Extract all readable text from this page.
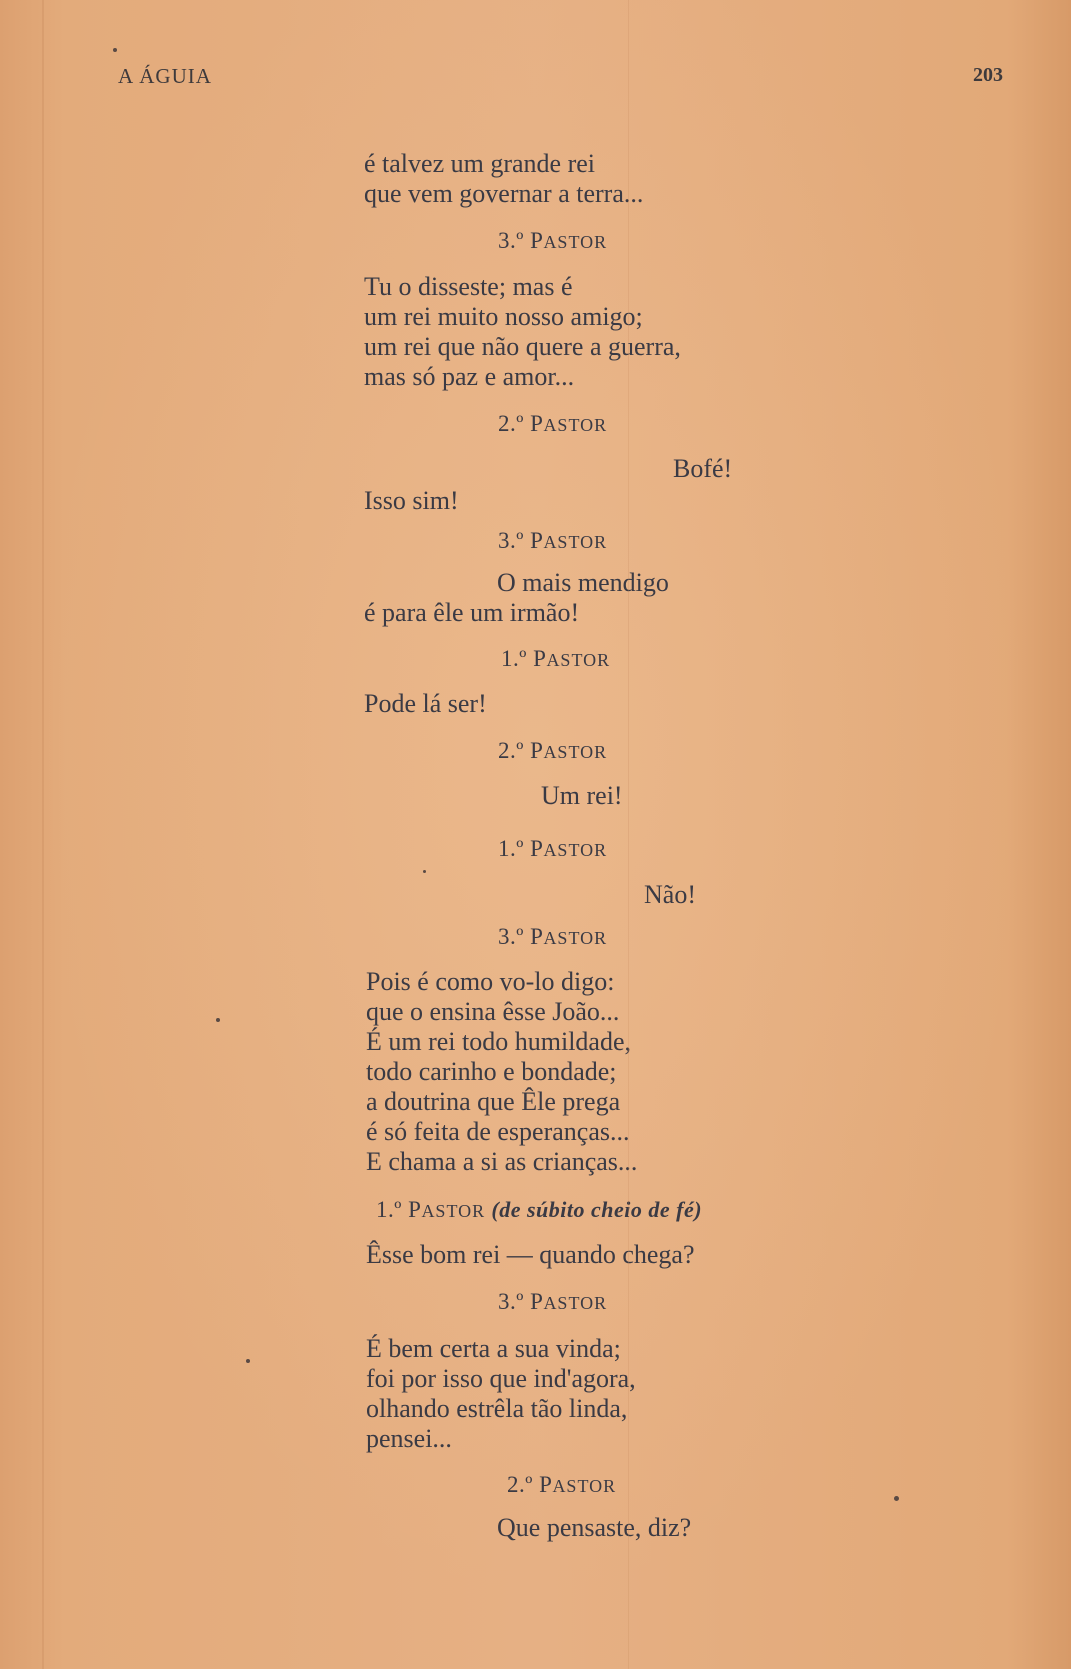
A ÁGUIA	203
é talvez um grande rei
que vem governar a terra...
3.º PASTOR
Tu o disseste; mas é
um rei muito nosso amigo;
um rei que não quere a guerra,
mas só paz e amor...
2.º PASTOR
Bofé!
Isso sim!
3.º PASTOR
O mais mendigo
é para êle um irmão!
1.º PASTOR
Pode lá ser!
2.º PASTOR
Um rei!
1.º PASTOR
Não!
3.º PASTOR
Pois é como vo-lo digo:
que o ensina êsse João...
É um rei todo humildade,
todo carinho e bondade;
a doutrina que Êle prega
é só feita de esperanças...
E chama a si as crianças...
1.º PASTOR (de súbito cheio de fé)
Êsse bom rei — quando chega?
3.º PASTOR
É bem certa a sua vinda;
foi por isso que ind'agora,
olhando estrêla tão linda,
pensei...
2.º PASTOR
Que pensaste, diz?
